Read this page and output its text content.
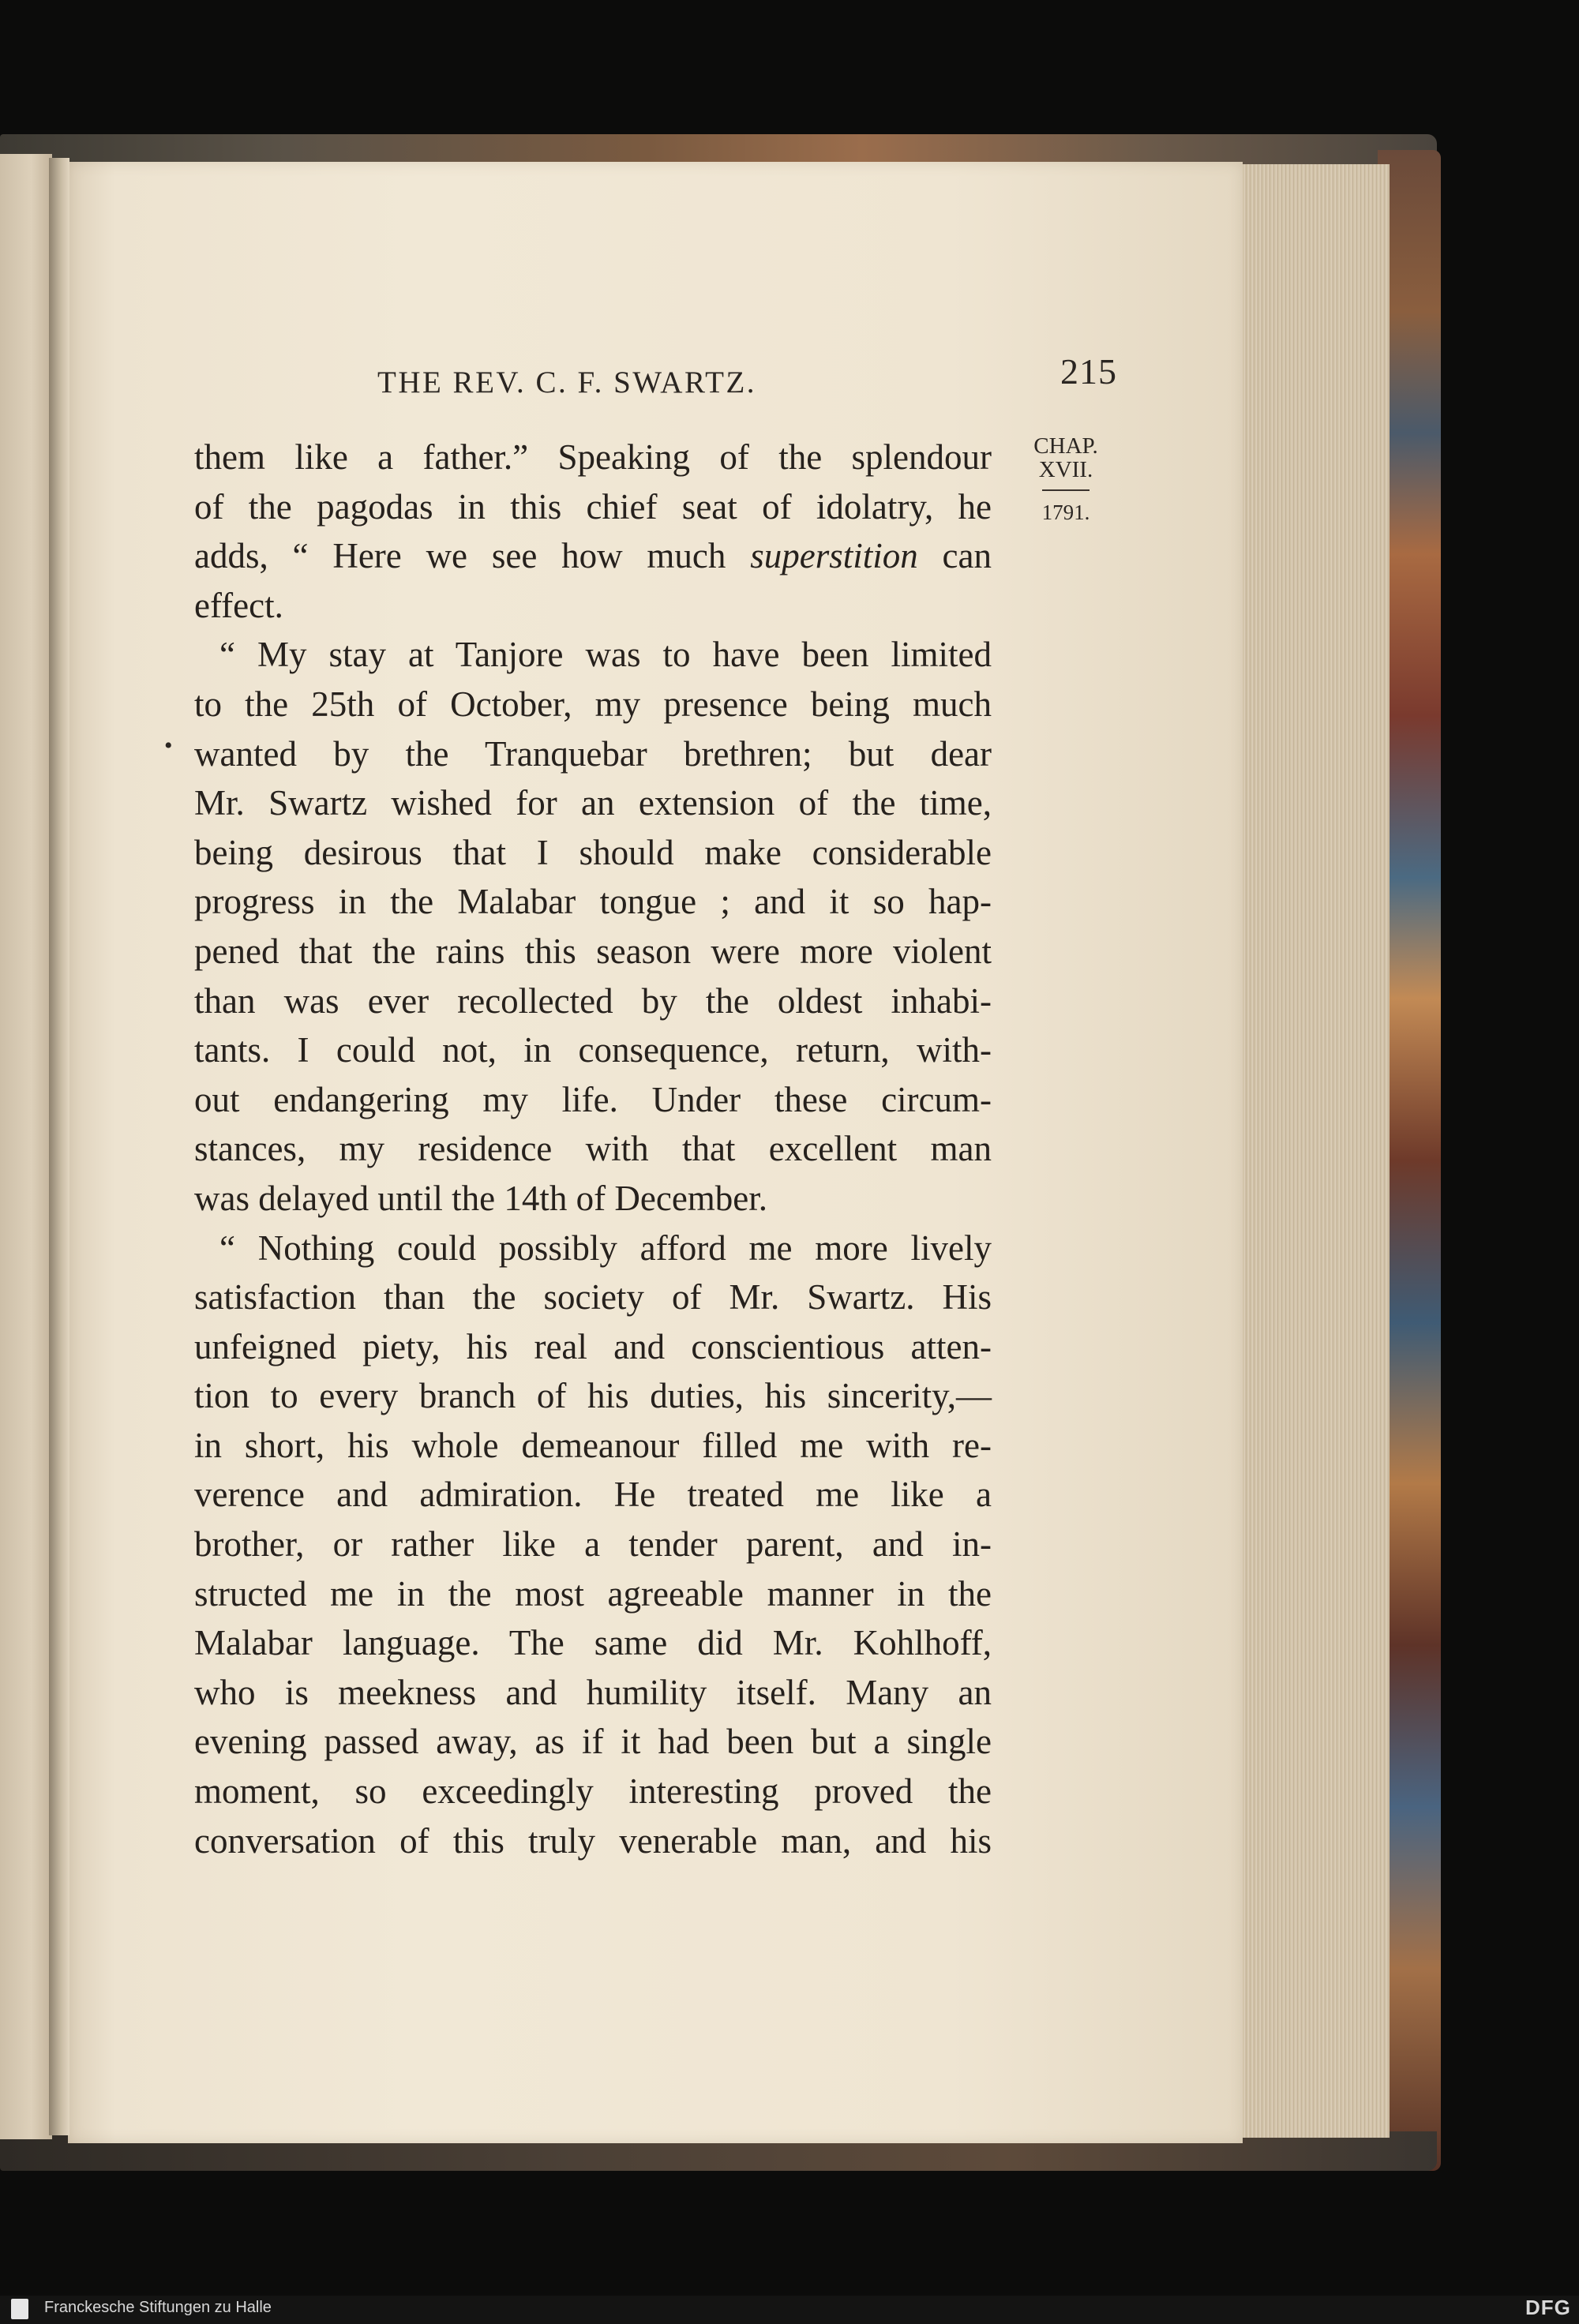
THE REV. C. F. SWARTZ.	215
CHAP.
XVII.
1791.
them like a father.” Speaking of the splendour
of the pagodas in this chief seat of idolatry, he
adds, “ Here we see how much superstition can
effect.
“ My stay at Tanjore was to have been limited
to the 25th of October, my presence being much
wanted by the Tranquebar brethren; but dear
Mr. Swartz wished for an extension of the time,
being desirous that I should make considerable
progress in the Malabar tongue ; and it so hap-
pened that the rains this season were more violent
than was ever recollected by the oldest inhabi-
tants. I could not, in consequence, return, with-
out endangering my life. Under these circum-
stances, my residence with that excellent man
was delayed until the 14th of December.
“ Nothing could possibly afford me more lively
satisfaction than the society of Mr. Swartz. His
unfeigned piety, his real and conscientious atten-
tion to every branch of his duties, his sincerity,—
in short, his whole demeanour filled me with re-
verence and admiration. He treated me like a
brother, or rather like a tender parent, and in-
structed me in the most agreeable manner in the
Malabar language. The same did Mr. Kohlhoff,
who is meekness and humility itself. Many an
evening passed away, as if it had been but a single
moment, so exceedingly interesting proved the
conversation of this truly venerable man, and his
•
Franckesche Stiftungen zu Halle	DFG
